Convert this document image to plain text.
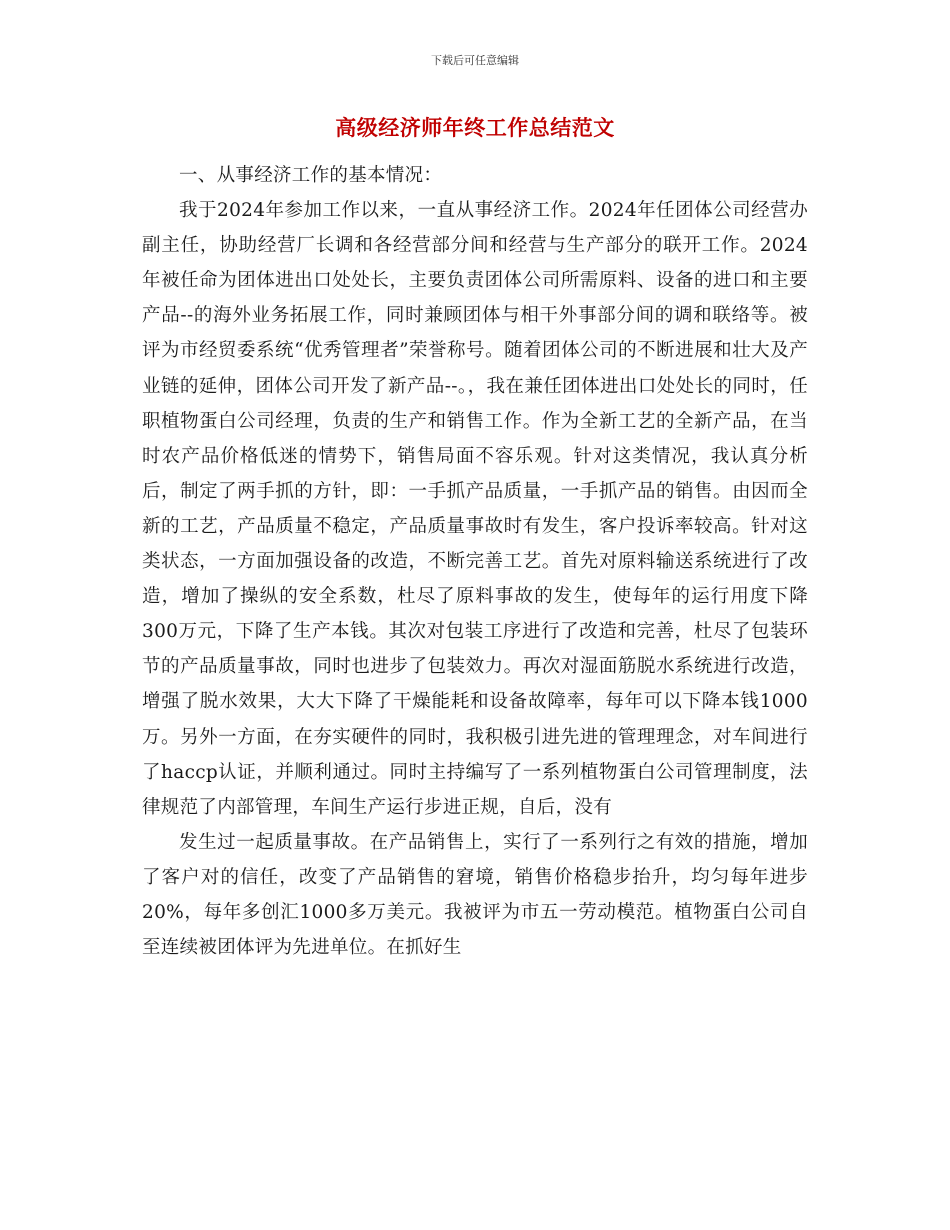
下载后可任意编辑
高级经济师年终工作总结范文

一、从事经济工作的基本情况：

我于2024年参加工作以来，一直从事经济工作。2024年任团体公司经营办副主任，协助经营厂长调和各经营部分间和经营与生产部分的联开工作。2024年被任命为团体进出口处处长，主要负责团体公司所需原料、设备的进口和主要产品--的海外业务拓展工作，同时兼顾团体与相干外事部分间的调和联络等。被评为市经贸委系统“优秀管理者”荣誉称号。随着团体公司的不断进展和壮大及产业链的延伸，团体公司开发了新产品--。，我在兼任团体进出口处处长的同时，任职植物蛋白公司经理，负责的生产和销售工作。作为全新工艺的全新产品，在当时农产品价格低迷的情势下，销售局面不容乐观。针对这类情况，我认真分析后，制定了两手抓的方针，即：一手抓产品质量，一手抓产品的销售。由因而全新的工艺，产品质量不稳定，产品质量事故时有发生，客户投诉率较高。针对这类状态，一方面加强设备的改造，不断完善工艺。首先对原料输送系统进行了改造，增加了操纵的安全系数，杜尽了原料事故的发生，使每年的运行用度下降300万元，下降了生产本钱。其次对包装工序进行了改造和完善，杜尽了包装环节的产品质量事故，同时也进步了包装效力。再次对湿面筋脱水系统进行改造，增强了脱水效果，大大下降了干燥能耗和设备故障率，每年可以下降本钱1000万。另外一方面，在夯实硬件的同时，我积极引进先进的管理理念，对车间进行了haccp认证，并顺利通过。同时主持编写了一系列植物蛋白公司管理制度，法律规范了内部管理，车间生产运行步进正规，自后，没有

发生过一起质量事故。在产品销售上，实行了一系列行之有效的措施，增加了客户对的信任，改变了产品销售的窘境，销售价格稳步抬升，均匀每年进步20%，每年多创汇1000多万美元。我被评为市五一劳动模范。植物蛋白公司自至连续被团体评为先进单位。在抓好生
